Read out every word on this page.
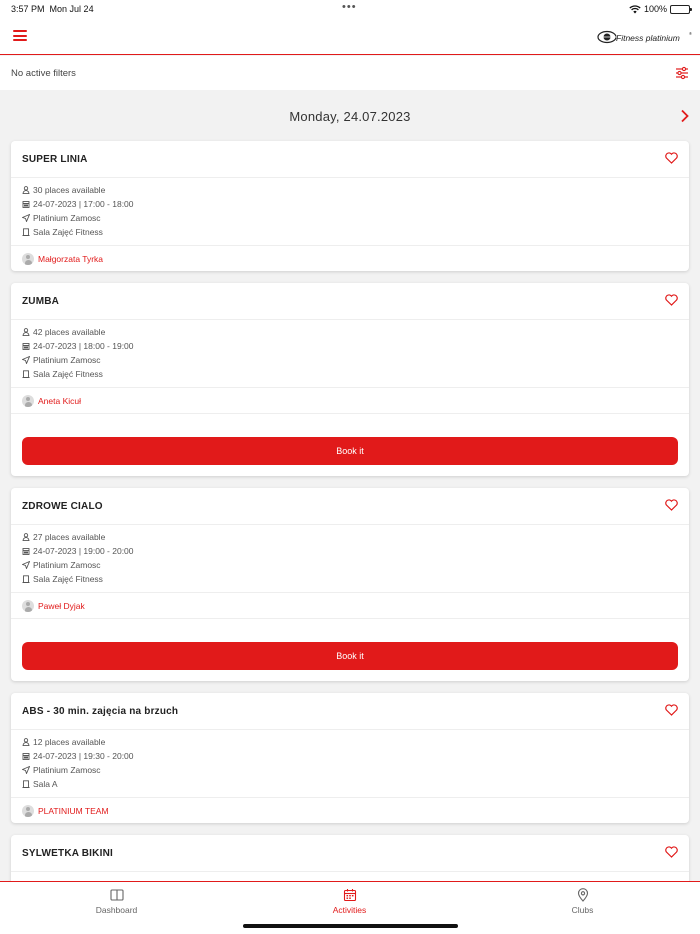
3:57 PM Mon Jul 24	•••	100%
Fitness platinium ®
No active filters
Monday, 24.07.2023
SUPER LINIA
30 places available
24-07-2023 | 17:00 - 18:00
Platinium Zamosc
Sala Zajęć Fitness
Małgorzata Tyrka
ZUMBA
42 places available
24-07-2023 | 18:00 - 19:00
Platinium Zamosc
Sala Zajęć Fitness
Aneta Kicuł
Book it
ZDROWE CIALO
27 places available
24-07-2023 | 19:00 - 20:00
Platinium Zamosc
Sala Zajęć Fitness
Paweł Dyjak
Book it
ABS - 30 min. zajęcia na brzuch
12 places available
24-07-2023 | 19:30 - 20:00
Platinium Zamosc
Sala A
PLATINIUM TEAM
SYLWETKA BIKINI
Dashboard	Activities	Clubs
